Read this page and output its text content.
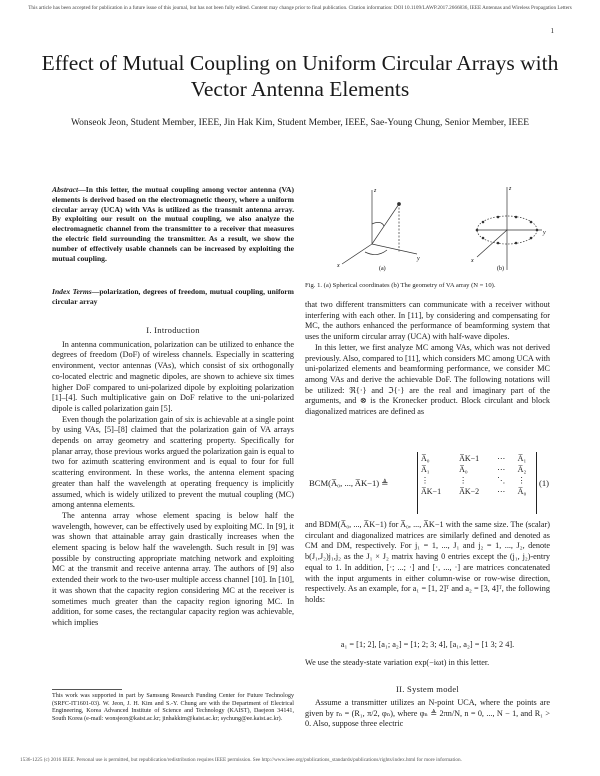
This article has been accepted for publication in a future issue of this journal, but has not been fully edited. Content may change prior to final publication. Citation information: DOI 10.1109/LAWP.2017.2666836, IEEE Antennas and Wireless Propagation Letters
1
Effect of Mutual Coupling on Uniform Circular Arrays with Vector Antenna Elements
Wonseok Jeon, Student Member, IEEE, Jin Hak Kim, Student Member, IEEE, Sae-Young Chung, Senior Member, IEEE
Abstract—In this letter, the mutual coupling among vector antenna (VA) elements is derived based on the electromagnetic theory, where a uniform circular array (UCA) with VAs is utilized as the transmit antenna array. By exploiting our result on the mutual coupling, we also analyze the electromagnetic channel from the transmitter to a receiver that measures the electric field surrounding the transmitter. As a result, we show the number of effectively usable channels can be increased by exploiting the mutual coupling.
Index Terms—polarization, degrees of freedom, mutual coupling, uniform circular array
I. Introduction

In antenna communication, polarization can be utilized to enhance the degrees of freedom (DoF) of wireless channels. Especially in scattering environment, vector antennas (VAs), which consist of six orthogonally co-located electric and magnetic dipoles, are shown to achieve six times higher DoF compared to uni-polarized dipole by exploiting polarization [1]–[4]. Such multiplicative gain on DoF relative to the uni-polarized dipole is called polarization gain [5].

Even though the polarization gain of six is achievable at a single point by using VAs, [5]–[8] claimed that the polarization gain of VA arrays depends on array geometry and scattering property. Specifically for planar array, those previous works argued the polarization gain is equal to two for azimuth scattering environment and is equal to four for full scattering environment. In these works, the antenna element spacing greater than half the wavelength at operating frequency is implicitly assumed, which is widely utilized to prevent the mutual coupling (MC) among antenna elements.

The antenna array whose element spacing is below half the wavelength, however, can be effectively used by exploiting MC. In [9], it was shown that attainable array gain drastically increases when the element spacing is below half the wavelength. Such result in [9] was possible by constructing appropriate matching network and exploiting MC at the transmit and receive antenna array. The authors of [9] also extended their work to the two-user multiple access channel [10]. In [10], it was shown that the capacity region considering MC at the receiver is sometimes much greater than the capacity region ignoring MC. In addition, for some cases, the rectangular capacity region was achievable, which implies

This work was supported in part by Samsung Research Funding Center for Future Technology (SRFC-IT1601-03). W. Jeon, J. H. Kim and S.-Y. Chung are with the Department of Electrical Engineering, Korea Advanced Institute of Science and Technology (KAIST), Daejeon 34141, South Korea (e-mail: wonsjeon@kaist.ac.kr; jinhakkim@kaist.ac.kr; sychung@ee.kaist.ac.kr).
z
y
x
z
y
x
(a)	(b)
Fig. 1. (a) Spherical coordinates (b) The geometry of VA array (N = 10).

that two different transmitters can communicate with a receiver without interfering with each other. In [11], by considering and compensating for MC, the authors enhanced the performance of beamforming system that uses the uniform circular array (UCA) with half-wave dipoles.

In this letter, we first analyze MC among VAs, which was not derived previously. Also, compared to [11], which considers MC among UCA with uni-polarized elements and beamforming performance, we consider MC among VAs and derive the achievable DoF. The following notations will be utilized: ℜ{·} and ℑ{·} are the real and imaginary part of the arguments, and ⊗ is the Kronecker product. Block circulant and block diagonalized matrices are defined as

BCM(A̅₀, ..., A̅K−1) ≜
A̅₀	A̅K−1	⋯	A̅₁
A̅₁	A̅₀	⋯	A̅₂
⋮	⋮	⋱	⋮
A̅K−1	A̅K−2	⋯	A̅₀
(1)

and BDM(A̅₀, ..., A̅K−1) for A̅₀, ..., A̅K−1 with the same size. The (scalar) circulant and diagonalized matrices are similarly defined and denoted as CM and DM, respectively. For j₁ = 1, ..., J₁ and j₂ = 1, ..., J₂, denote b(J₁,J₂)j₁,j₂ as the J₁ × J₂ matrix having 0 entries except the (j₁, j₂)-entry equal to 1. In addition, [·; ...; ·] and [·, ..., ·] are matrices concatenated with the input arguments in either column-wise or row-wise direction, respectively. As an example, for a₁ = [1, 2]ᵀ and a₂ = [3, 4]ᵀ, the following holds:

a₁ = [1; 2], [a₁; a₂] = [1; 2; 3; 4], [a₁, a₂] = [1 3; 2 4].

We use the steady-state variation exp(−iωt) in this letter.

II. System model

Assume a transmitter utilizes an N-point UCA, where the points are given by rₙ = (R₁, π/2, φₙ), where φₙ ≜ 2πn/N, n = 0, ..., N − 1, and R₁ > 0. Also, suppose three electric

1536-1225 (c) 2016 IEEE. Personal use is permitted, but republication/redistribution requires IEEE permission. See http://www.ieee.org/publications_standards/publications/rights/index.html for more information.
